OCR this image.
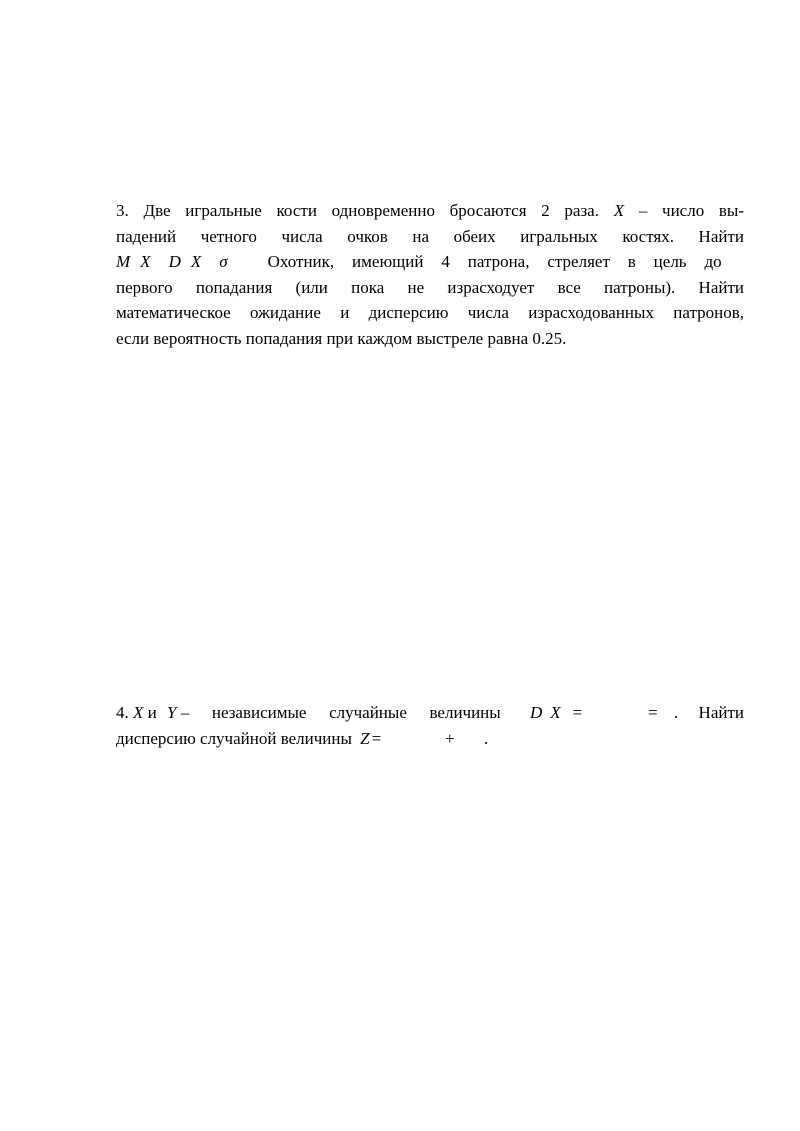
3. Две игральные кости одновременно бросаются 2 раза. X – число вы-
падений четного числа очков на обеих игральных костях. Найти
M X D X σ Охотник, имеющий 4 патрона, стреляет в цель до
первого попадания (или пока не израсходует все патроны). Найти
математическое ожидание и дисперсию числа израсходованных патронов,
если вероятность попадания при каждом выстреле равна 0.25.
4. X и Y – независимые случайные величины D X =	= . Найти
дисперсию случайной величины Z =	+ .
